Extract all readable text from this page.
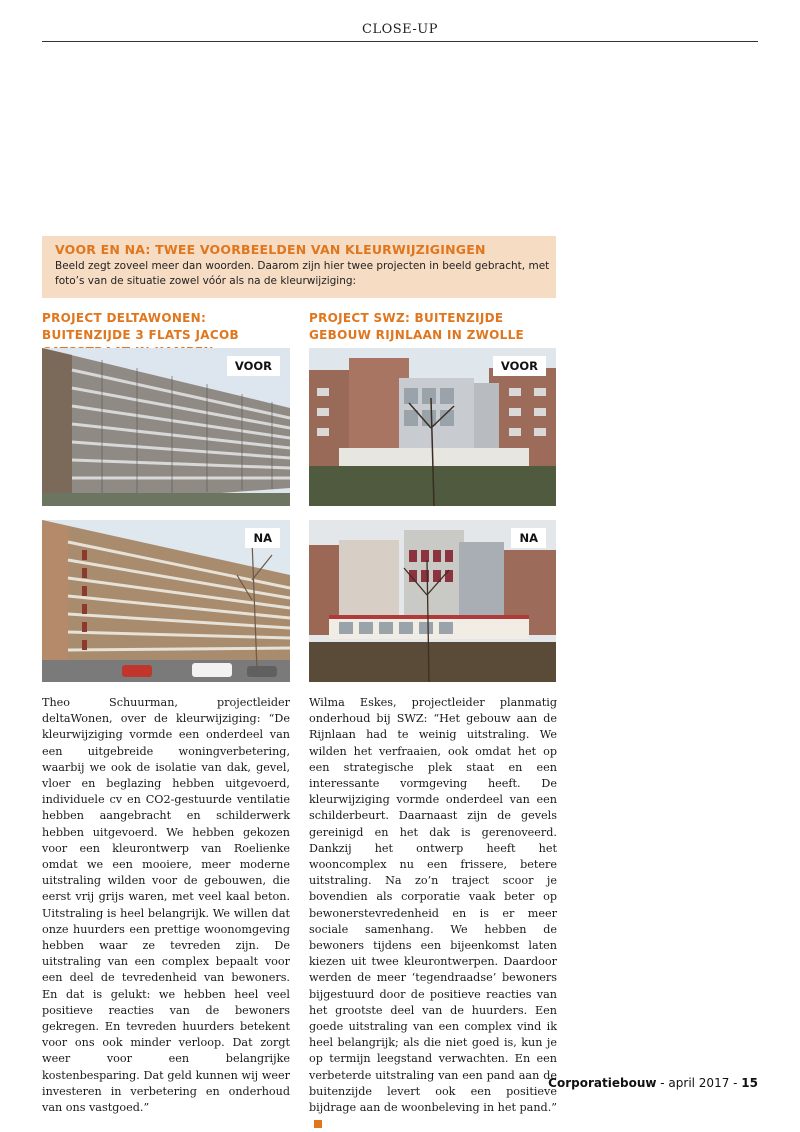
CLOSE-UP
VOOR EN NA: TWEE VOORBEELDEN VAN KLEURWIJZIGINGEN
Beeld zegt zoveel meer dan woorden. Daarom zijn hier twee projecten in beeld gebracht, met foto’s van de situatie zowel vóór als na de kleurwijziging:
PROJECT DELTAWONEN: BUITENZIJDE 3 FLATS JACOB
PROJECT SWZ: BUITENZIJDE GEBOUW RIJNLAAN IN ZWOLLE
VOOR	VOOR
NA	NA
Theo Schuurman, projectleider deltaWonen, over de kleurwijziging: “De kleurwijziging vormde een onderdeel van een uitgebreide woningverbetering, waarbij we ook de isolatie van dak, gevel, vloer en beglazing hebben uitgevoerd, individuele cv en CO2-gestuurde ventilatie hebben aangebracht en schilderwerk hebben uitgevoerd. We hebben gekozen voor een kleurontwerp van Roelienke omdat we een mooiere, meer moderne uitstraling wilden voor de gebouwen, die eerst vrij grijs waren, met veel kaal beton. Uitstraling is heel belangrijk. We willen dat onze huurders een prettige woonomgeving hebben waar ze tevreden zijn. De uitstraling van een complex bepaalt voor een deel de tevredenheid van bewoners. En dat is gelukt: we hebben heel veel positieve reacties van de bewoners gekregen. En tevreden huurders betekent voor ons ook minder verloop. Dat zorgt weer voor een belangrijke kostenbesparing. Dat geld kunnen wij weer investeren in verbetering en onderhoud van ons vastgoed.”
Wilma Eskes, projectleider planmatig onderhoud bij SWZ: “Het gebouw aan de Rijnlaan had te weinig uitstraling. We wilden het verfraaien, ook omdat het op een strategische plek staat en een interessante vormgeving heeft. De kleurwijziging vormde onderdeel van een schilderbeurt. Daarnaast zijn de gevels gereinigd en het dak is gerenoveerd. Dankzij het ontwerp heeft het wooncomplex nu een frissere, betere uitstraling. Na zo’n traject scoor je bovendien als corporatie vaak beter op bewonerstevredenheid en is er meer sociale samenhang. We hebben de bewoners tijdens een bijeenkomst laten kiezen uit twee kleurontwerpen. Daardoor werden de meer ‘tegendraadse’ bewoners bijgestuurd door de positieve reacties van het grootste deel van de huurders. Een goede uitstraling van een complex vind ik heel belangrijk; als die niet goed is, kun je op termijn leegstand verwachten. En een verbeterde uitstraling van een pand aan de buitenzijde levert ook een positieve bijdrage aan de woonbeleving in het pand.”
Corporatiebouw - april 2017 - 15
